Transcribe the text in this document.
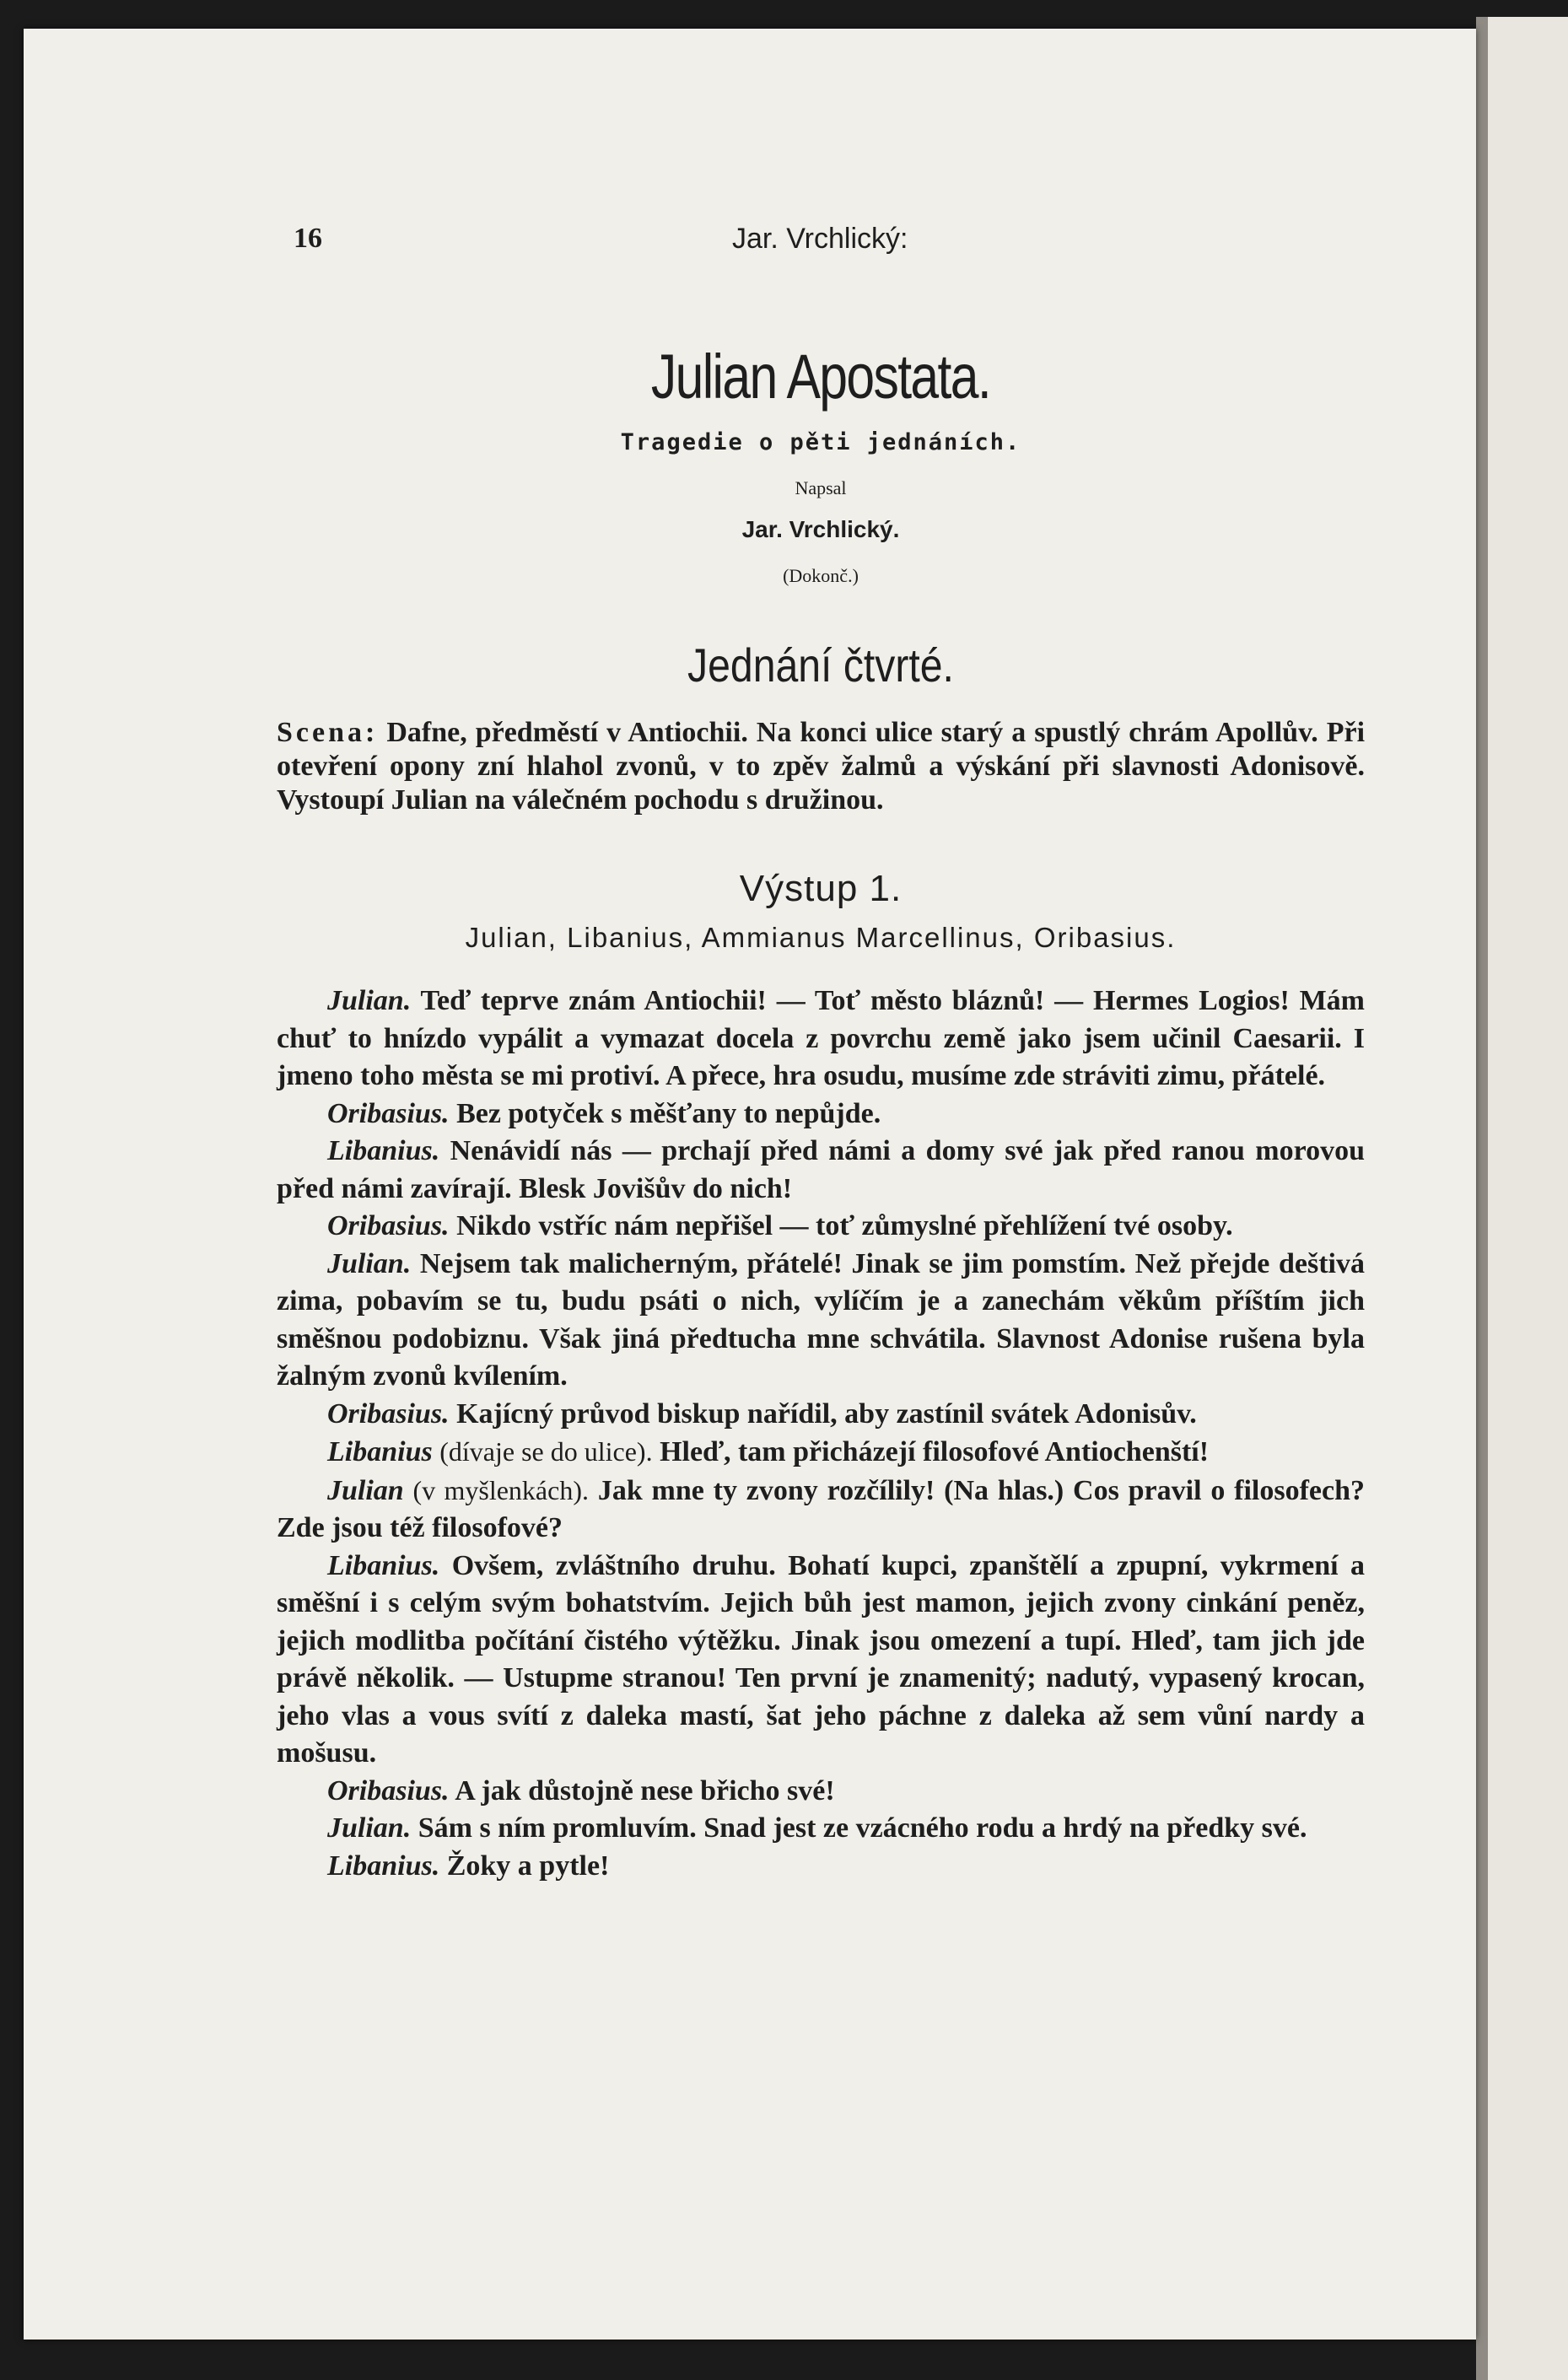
16	Jar. Vrchlický:
Julian Apostata.
Tragedie o pěti jednáních.
Napsal
Jar. Vrchlický.
(Dokonč.)
Jednání čtvrté.
Scena: Dafne, předměstí v Antiochii. Na konci ulice starý a spustlý chrám Apollův. Při otevření opony zní hlahol zvonů, v to zpěv žalmů a výskání při slavnosti Adonisově. Vystoupí Julian na válečném pochodu s družinou.
Výstup 1.
Julian, Libanius, Ammianus Marcellinus, Oribasius.

Julian. Teď teprve znám Antiochii! — Toť město bláznů! — Hermes Logios! Mám chuť to hnízdo vypálit a vymazat docela z povrchu země jako jsem učinil Caesarii. I jmeno toho města se mi protiví. A přece, hra osudu, musíme zde stráviti zimu, přátelé.

Oribasius. Bez potyček s měšťany to nepůjde.

Libanius. Nenávidí nás — prchají před námi a domy své jak před ranou morovou před námi zavírají. Blesk Jovišův do nich!

Oribasius. Nikdo vstříc nám nepřišel — toť zůmyslné přehlížení tvé osoby.

Julian. Nejsem tak malicherným, přátelé! Jinak se jim pomstím. Než přejde deštivá zima, pobavím se tu, budu psáti o nich, vylíčím je a zanechám věkům příštím jich směšnou podobiznu. Však jiná předtucha mne schvátila. Slavnost Adonise rušena byla žalným zvonů kvílením.

Oribasius. Kajícný průvod biskup nařídil, aby zastínil svátek Adonisův.

Libanius (dívaje se do ulice). Hleď, tam přicházejí filosofové Antiochenští!

Julian (v myšlenkách). Jak mne ty zvony rozčílily! (Na hlas.) Cos pravil o filosofech? Zde jsou též filosofové?

Libanius. Ovšem, zvláštního druhu. Bohatí kupci, zpanštělí a zpupní, vykrmení a směšní i s celým svým bohatstvím. Jejich bůh jest mamon, jejich zvony cinkání peněz, jejich modlitba počítání čistého výtěžku. Jinak jsou omezení a tupí. Hleď, tam jich jde právě několik. — Ustupme stranou! Ten první je znamenitý; nadutý, vypasený krocan, jeho vlas a vous svítí z daleka mastí, šat jeho páchne z daleka až sem vůní nardy a mošusu.

Oribasius. A jak důstojně nese břicho své!

Julian. Sám s ním promluvím. Snad jest ze vzácného rodu a hrdý na předky své.

Libanius. Žoky a pytle!
